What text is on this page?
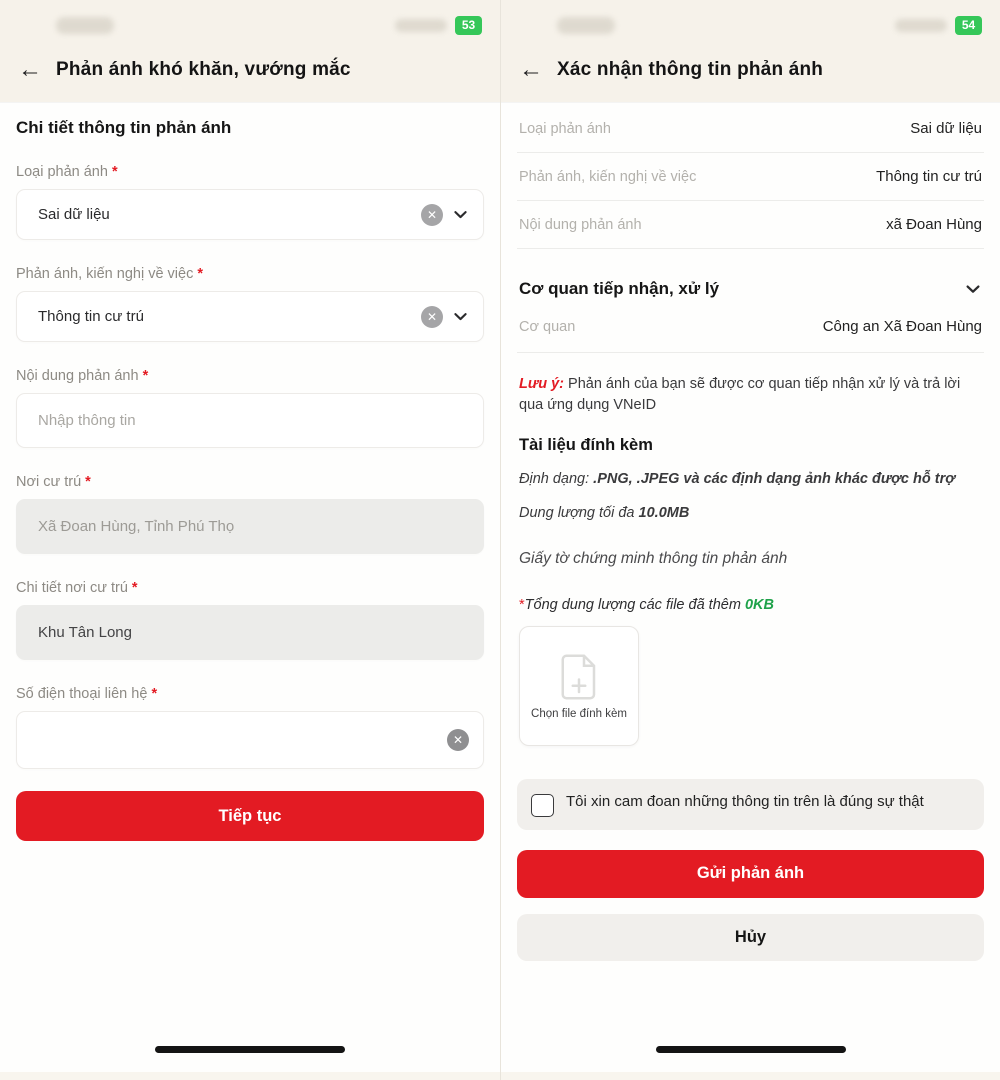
53
← Phản ánh khó khăn, vướng mắc
Chi tiết thông tin phản ánh
Loại phản ánh *
Sai dữ liệu	✕
Phản ánh, kiến nghị về việc *
Thông tin cư trú	✕
Nội dung phản ánh *
Nhập thông tin
Nơi cư trú *
Xã Đoan Hùng, Tỉnh Phú Thọ
Chi tiết nơi cư trú *
Khu Tân Long
Số điện thoại liên hệ *
✕
Tiếp tục
54
← Xác nhận thông tin phản ánh
Loại phản ánh	Sai dữ liệu
Phản ánh, kiến nghị về việc	Thông tin cư trú
Nội dung phản ánh	xã Đoan Hùng
Cơ quan tiếp nhận, xử lý
Cơ quan	Công an Xã Đoan Hùng
Lưu ý: Phản ánh của bạn sẽ được cơ quan tiếp nhận xử lý và trả lời qua ứng dụng VNeID
Tài liệu đính kèm
Định dạng: .PNG, .JPEG và các định dạng ảnh khác được hỗ trợ
Dung lượng tối đa 10.0MB
Giấy tờ chứng minh thông tin phản ánh
*Tổng dung lượng các file đã thêm 0KB
Chọn file đính kèm
Tôi xin cam đoan những thông tin trên là đúng sự thật
Gửi phản ánh
Hủy
